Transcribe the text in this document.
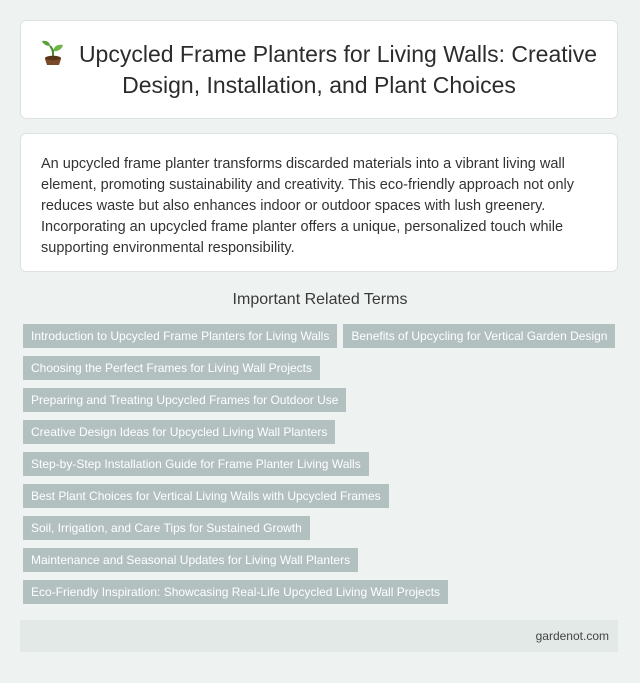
Upcycled Frame Planters for Living Walls: Creative Design, Installation, and Plant Choices

An upcycled frame planter transforms discarded materials into a vibrant living wall element, promoting sustainability and creativity. This eco-friendly approach not only reduces waste but also enhances indoor or outdoor spaces with lush greenery. Incorporating an upcycled frame planter offers a unique, personalized touch while supporting environmental responsibility.

Important Related Terms
Introduction to Upcycled Frame Planters for Living Walls	Benefits of Upcycling for Vertical Garden Design
Choosing the Perfect Frames for Living Wall Projects
Preparing and Treating Upcycled Frames for Outdoor Use
Creative Design Ideas for Upcycled Living Wall Planters
Step-by-Step Installation Guide for Frame Planter Living Walls
Best Plant Choices for Vertical Living Walls with Upcycled Frames
Soil, Irrigation, and Care Tips for Sustained Growth
Maintenance and Seasonal Updates for Living Wall Planters
Eco-Friendly Inspiration: Showcasing Real-Life Upcycled Living Wall Projects
gardenot.com
